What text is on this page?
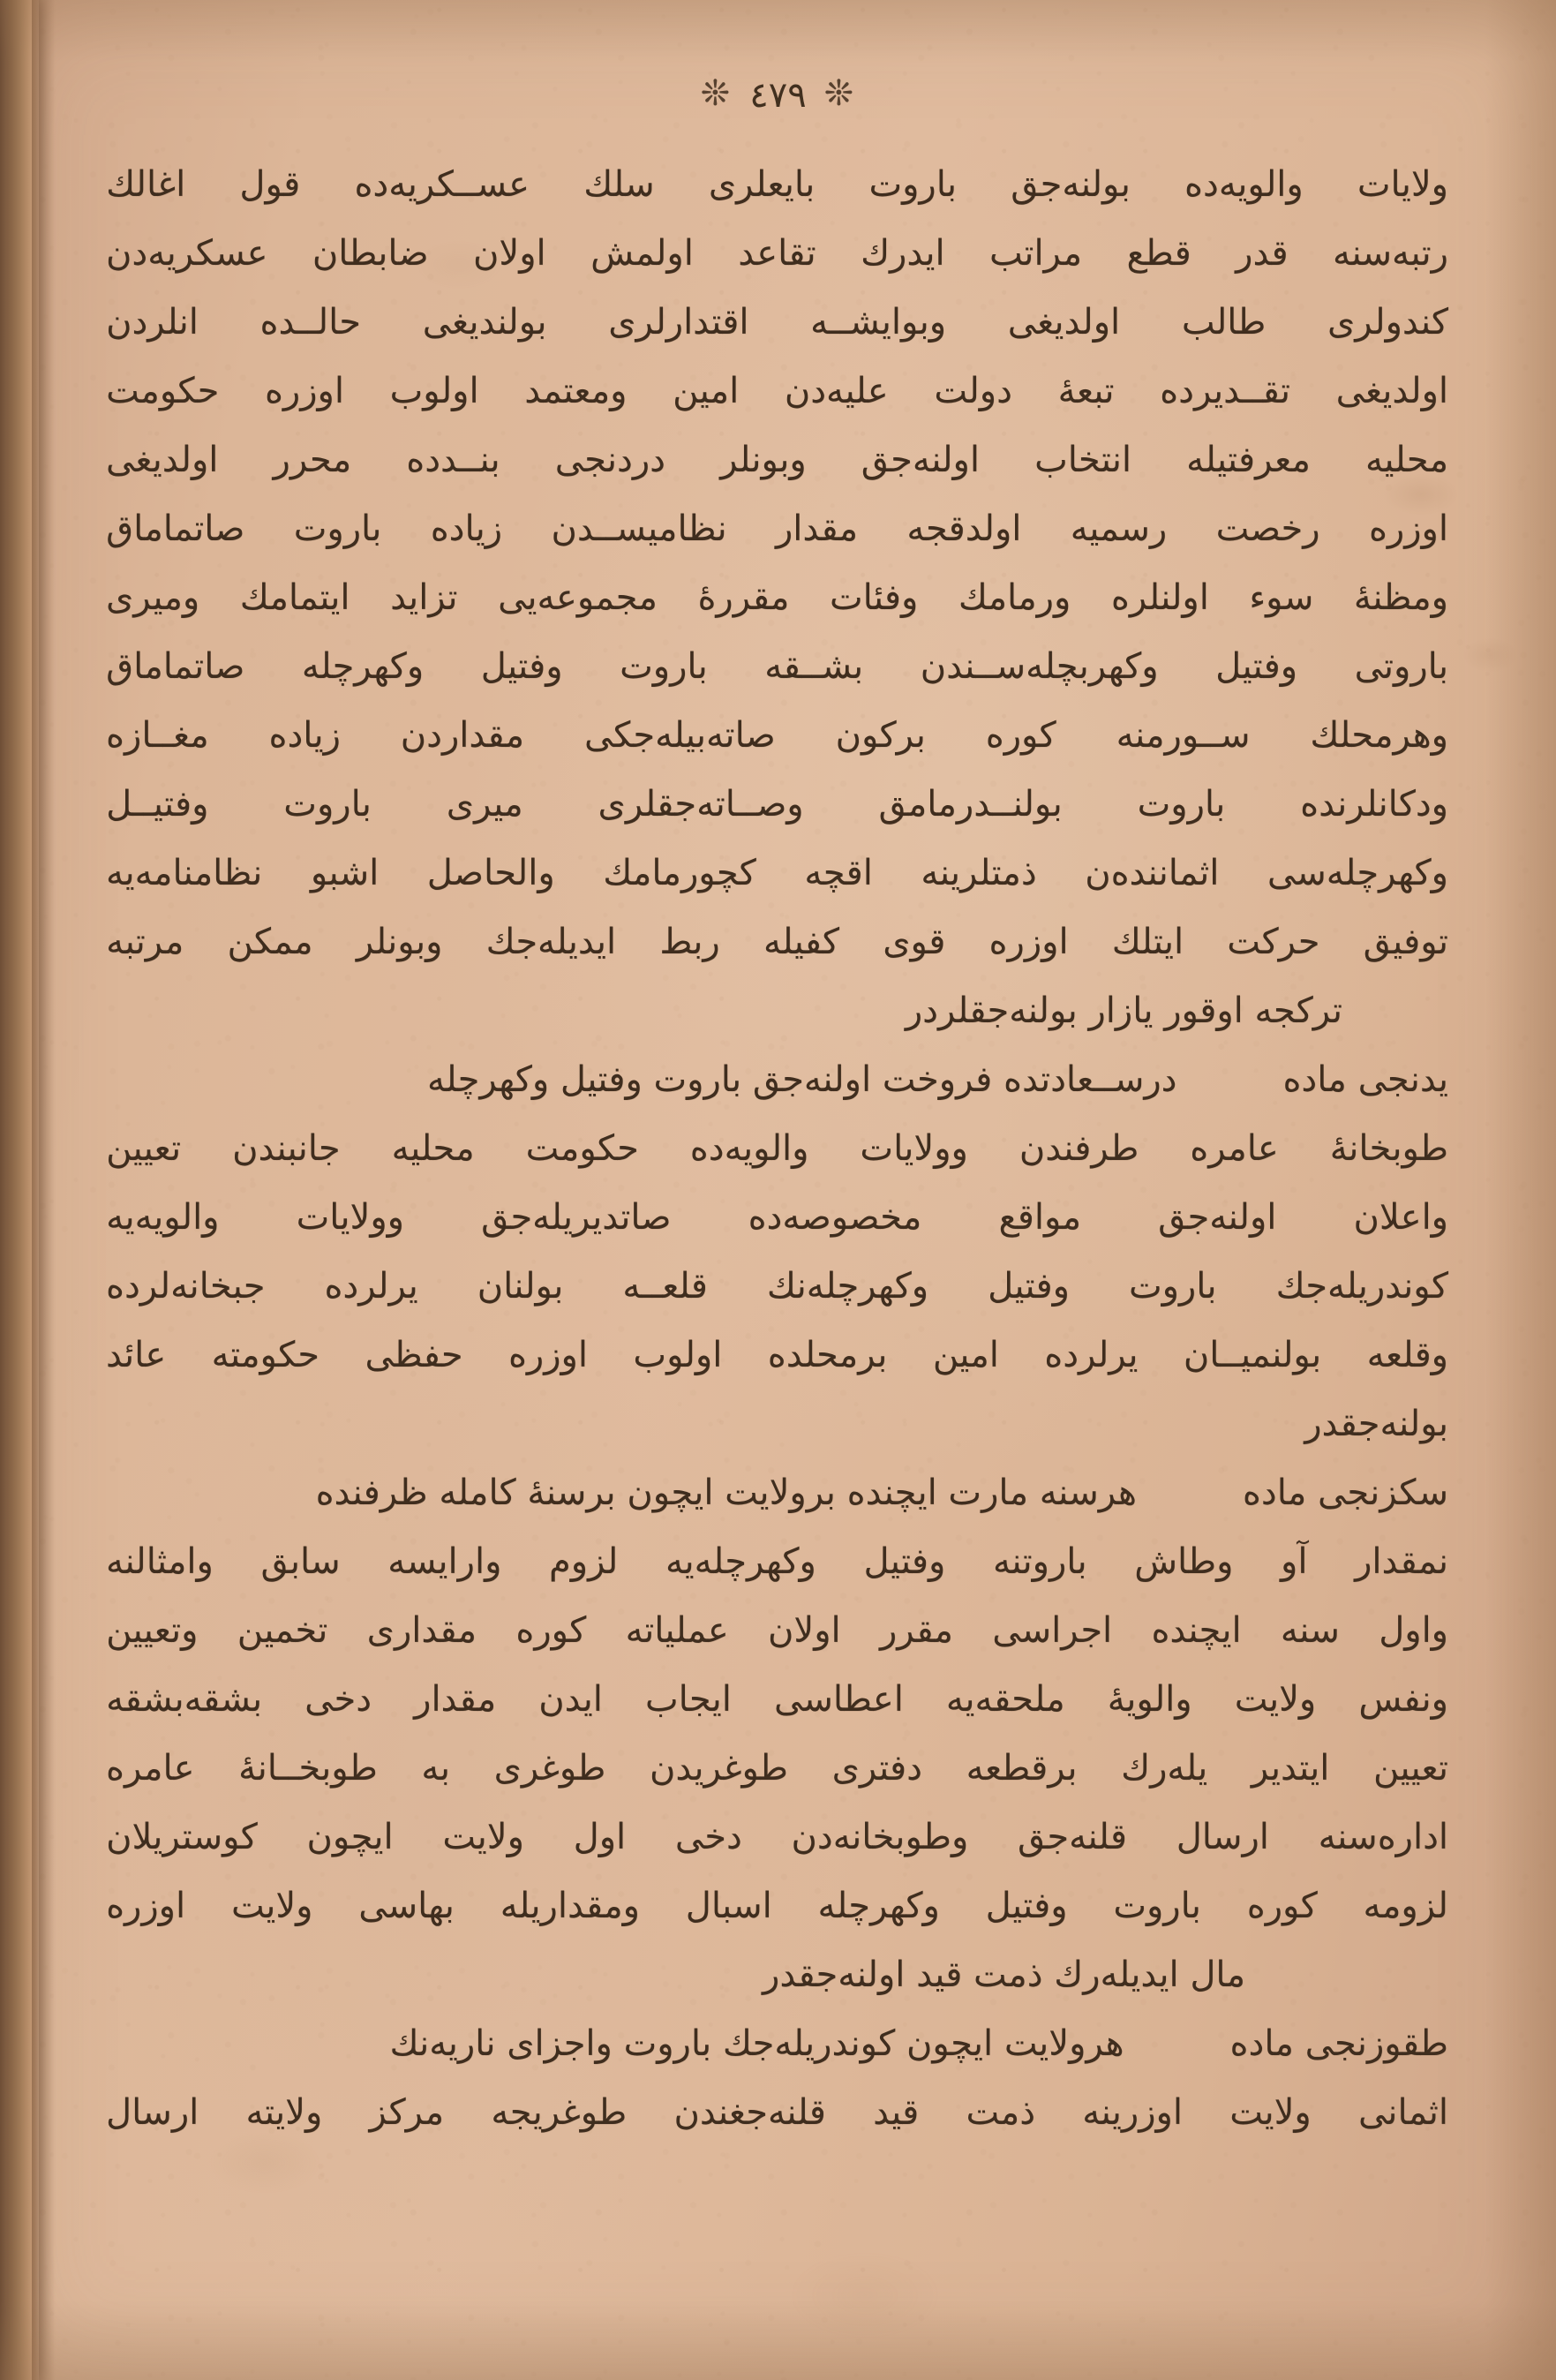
❊
٤٧٩
❊
ولايات
والويه‌ده
بولنه‌جق
باروت
بايعلرى
سلك
عســكريه‌ده
قول
اغالك
رتبه‌سنه
قدر
قطع
مراتب
ايدرك
تقاعد
اولمش
اولان
ضابطان
عسكريه‌دن
كندولرى
طالب
اولديغى
وبوايشــه
اقتدارلرى
بولنديغى
حالــده
انلردن
اولديغى
تقــديرده
تبعهٔ
دولت
عليه‌دن
امين
ومعتمد
اولوب
اوزره
حكومت
محليه
معرفتيله
انتخاب
اولنه‌جق
وبونلر
دردنجى
بنــدده
محرر
اولديغى
اوزره
رخصت
رسميه
اولدقجه
مقدار
نظاميســدن
زياده
باروت
صاتماماق
ومظنهٔ
سوء
اولنلره
ورمامك
وفئات
مقررهٔ
مجموعه‌يى
تزايد
ايتمامك
وميرى
باروتى
وفتيل
وكهربچله‌ســندن
بشــقه
باروت
وفتيل
وكهرچله
صاتماماق
وهرمحلك
ســورمنه
كوره
بركون
صاته‌بيله‌جكى
مقداردن
زياده
مغــازه
ودكانلرنده
باروت
بولنــدرمامق
وصــاته‌جقلرى
ميرى
باروت
وفتيــل
وكهرچله‌سى
اثماننده‌ن
ذمتلرينه
اقچه
كچورمامك
والحاصل
اشبو
نظامنامه‌يه
توفيق
حركت
ايتلك
اوزره
قوى
كفيله
ربط
ايديله‌جك
وبونلر
ممكن
مرتبه
تركجه اوقور يازار بولنه‌جقلردر
يدنجى مادهدرســعادتده فروخت اولنه‌جق باروت وفتيل وكهرچله
طوبخانهٔ
عامره
طرفندن
وولايات
والويه‌ده
حكومت
محليه
جانبندن
تعيين
واعلان
اولنه‌جق
مواقع
مخصوصه‌ده
صاتديريله‌جق
وولايات
والويه‌يه
كوندريله‌جك
باروت
وفتيل
وكهرچله‌نك
قلعــه
بولنان
يرلرده
جبخانه‌لرده
وقلعه
بولنميــان
يرلرده
امين
برمحلده
اولوب
اوزره
حفظى
حكومته
عائد
بولنه‌جقدر
سكزنجى مادههرسنه مارت ايچنده برولايت ايچون برسنهٔ كامله ظرفنده
نمقدار
آو
وطاش
باروتنه
وفتيل
وكهرچله‌يه
لزوم
وارايسه
سابق
وامثالنه
واول
سنه
ايچنده
اجراسى
مقرر
اولان
عملياته
كوره
مقدارى
تخمين
وتعيين
ونفس
ولايت
والويهٔ
ملحقه‌يه
اعطاسى
ايجاب
ايدن
مقدار
دخى
بشقه‌بشقه
تعيين
ايتدير
يله‌رك
برقطعه
دفترى
طوغريدن
طوغرى
به
طوبخــانهٔ
عامره
اداره‌سنه
ارسال
قلنه‌جق
وطوبخانه‌دن
دخى
اول
ولايت
ايچون
كوستريلان
لزومه
كوره
باروت
وفتيل
وكهرچله
اسبال
ومقداريله
بهاسى
ولايت
اوزره
مال ايديله‌رك ذمت قيد اولنه‌جقدر
طقوزنجى مادههرولايت ايچون كوندريله‌جك باروت واجزاى ناريه‌نك
اثمانى
ولايت
اوزرينه
ذمت
قيد
قلنه‌جغندن
طوغريجه
مركز
ولايته
ارسال
